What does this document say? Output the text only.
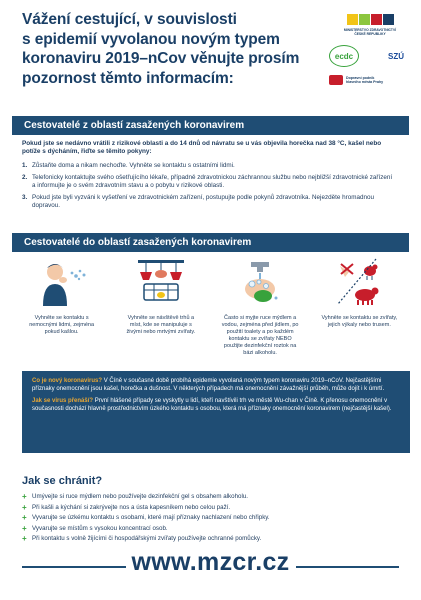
Vážení cestující, v souvislosti
s epidemií vyvolanou novým typem
koronaviru 2019–nCov věnujte prosím
pozornost těmto informacím:
MINISTERSTVO ZDRAVOTNICTVÍ
ČESKÉ REPUBLIKY
ecdc	SZÚ
Dopravní podnik
hlavního města Prahy
Cestovatelé z oblastí zasažených koronavirem
Pokud jste se nedávno vrátili z rizikové oblasti a do 14 dnů od návratu se u vás objevila horečka nad 38 °C, kašel nebo potíže s dýcháním, řiďte se těmito pokyny:
1. Zůstaňte doma a nikam nechoďte. Vyhněte se kontaktu s ostatními lidmi.
2. Telefonicky kontaktujte svého ošetřujícího lékaře, případně zdravotnickou záchrannou službu nebo nejbližší zdravotnické zařízení a informujte je o svém zdravotním stavu a o pobytu v rizikové oblasti.
3. Pokud jste byli vyzváni k vyšetření ve zdravotnickém zařízení, postupujte podle pokynů zdravotníka. Nejezděte hromadnou dopravou.
Cestovatelé do oblastí zasažených koronavirem
Vyhněte se kontaktu s nemocnými lidmi, zejména pokud kašlou.
Vyhněte se návštěvě trhů a míst, kde se manipuluje s živými nebo mrtvými zvířaty.
Často si myjte ruce mýdlem a vodou, zejména před jídlem, po použití toalety a po každém kontaktu se zvířaty NEBO použijte dezinfekční roztok na bázi alkoholu.
Vyhněte se kontaktu se zvířaty, jejich výkaly nebo trusem.

Co je nový koronavirus? V Číně v současné době probíhá epidemie vyvolaná novým typem koronaviru 2019–nCoV. Nejčastějšími příznaky onemocnění jsou kašel, horečka a dušnost. V některých případech má onemocnění závažnější průběh, může dojít i k úmrtí.

Jak se virus přenáší? První hlášené případy se vyskytly u lidí, kteří navštívili trh ve městě Wu-chan v Číně. K přenosu onemocnění v současnosti dochází hlavně prostřednictvím úzkého kontaktu s osobou, která má příznaky onemocnění koronavirem (nejčastější kašel).

Jak se chránit?
+ Umývejte si ruce mýdlem nebo používejte dezinfekční gel s obsahem alkoholu.
+ Při kašli a kýchání si zakrývejte nos a ústa kapesníkem nebo celou paží.
+ Vyvarujte se úzkému kontaktu s osobami, které mají příznaky nachlazení nebo chřipky.
+ Vyvarujte se místům s vysokou koncentrací osob.
+ Při kontaktu s volně žijícími či hospodářskými zvířaty používejte ochranné pomůcky.
www.mzcr.cz
